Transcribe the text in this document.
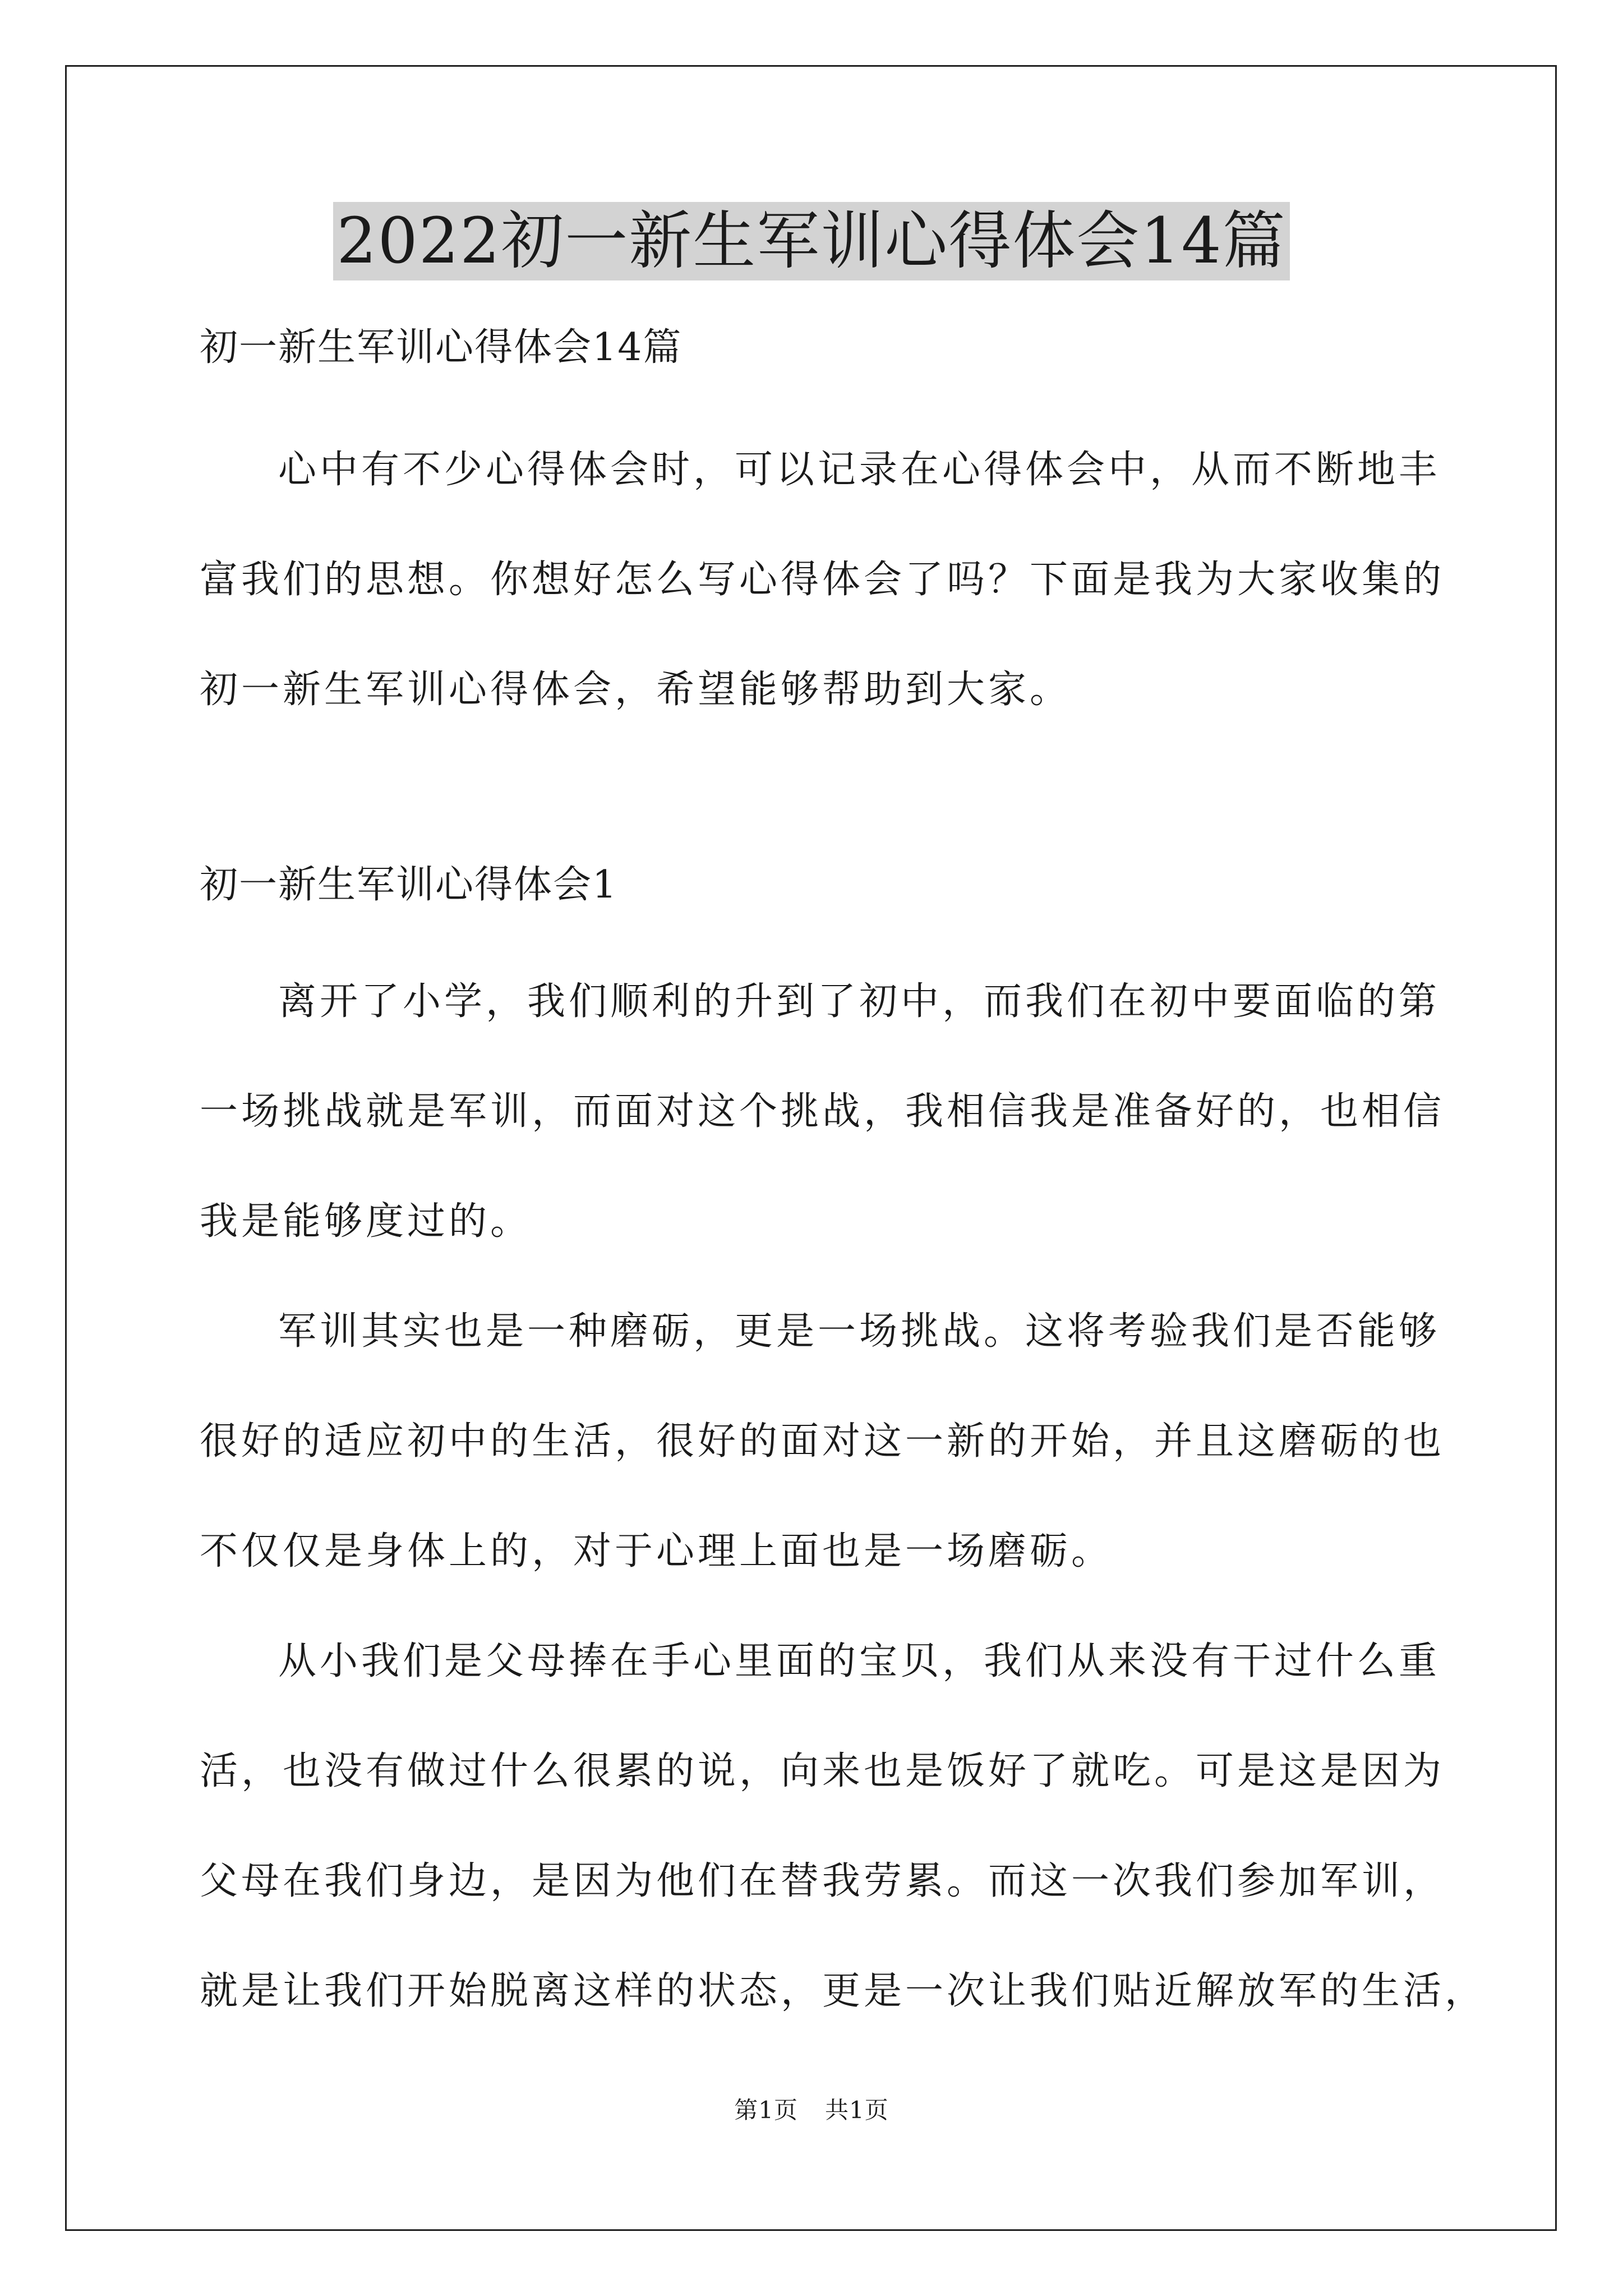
2022初一新生军训心得体会14篇
初一新生军训心得体会14篇
心中有不少心得体会时，可以记录在心得体会中，从而不断地丰
富我们的思想。你想好怎么写心得体会了吗？下面是我为大家收集的
初一新生军训心得体会，希望能够帮助到大家。
初一新生军训心得体会1
离开了小学，我们顺利的升到了初中，而我们在初中要面临的第
一场挑战就是军训，而面对这个挑战，我相信我是准备好的，也相信
我是能够度过的。
军训其实也是一种磨砺，更是一场挑战。这将考验我们是否能够
很好的适应初中的生活，很好的面对这一新的开始，并且这磨砺的也
不仅仅是身体上的，对于心理上面也是一场磨砺。
从小我们是父母捧在手心里面的宝贝，我们从来没有干过什么重
活，也没有做过什么很累的说，向来也是饭好了就吃。可是这是因为
父母在我们身边，是因为他们在替我劳累。而这一次我们参加军训，
就是让我们开始脱离这样的状态，更是一次让我们贴近解放军的生活，
第1页 共1页
